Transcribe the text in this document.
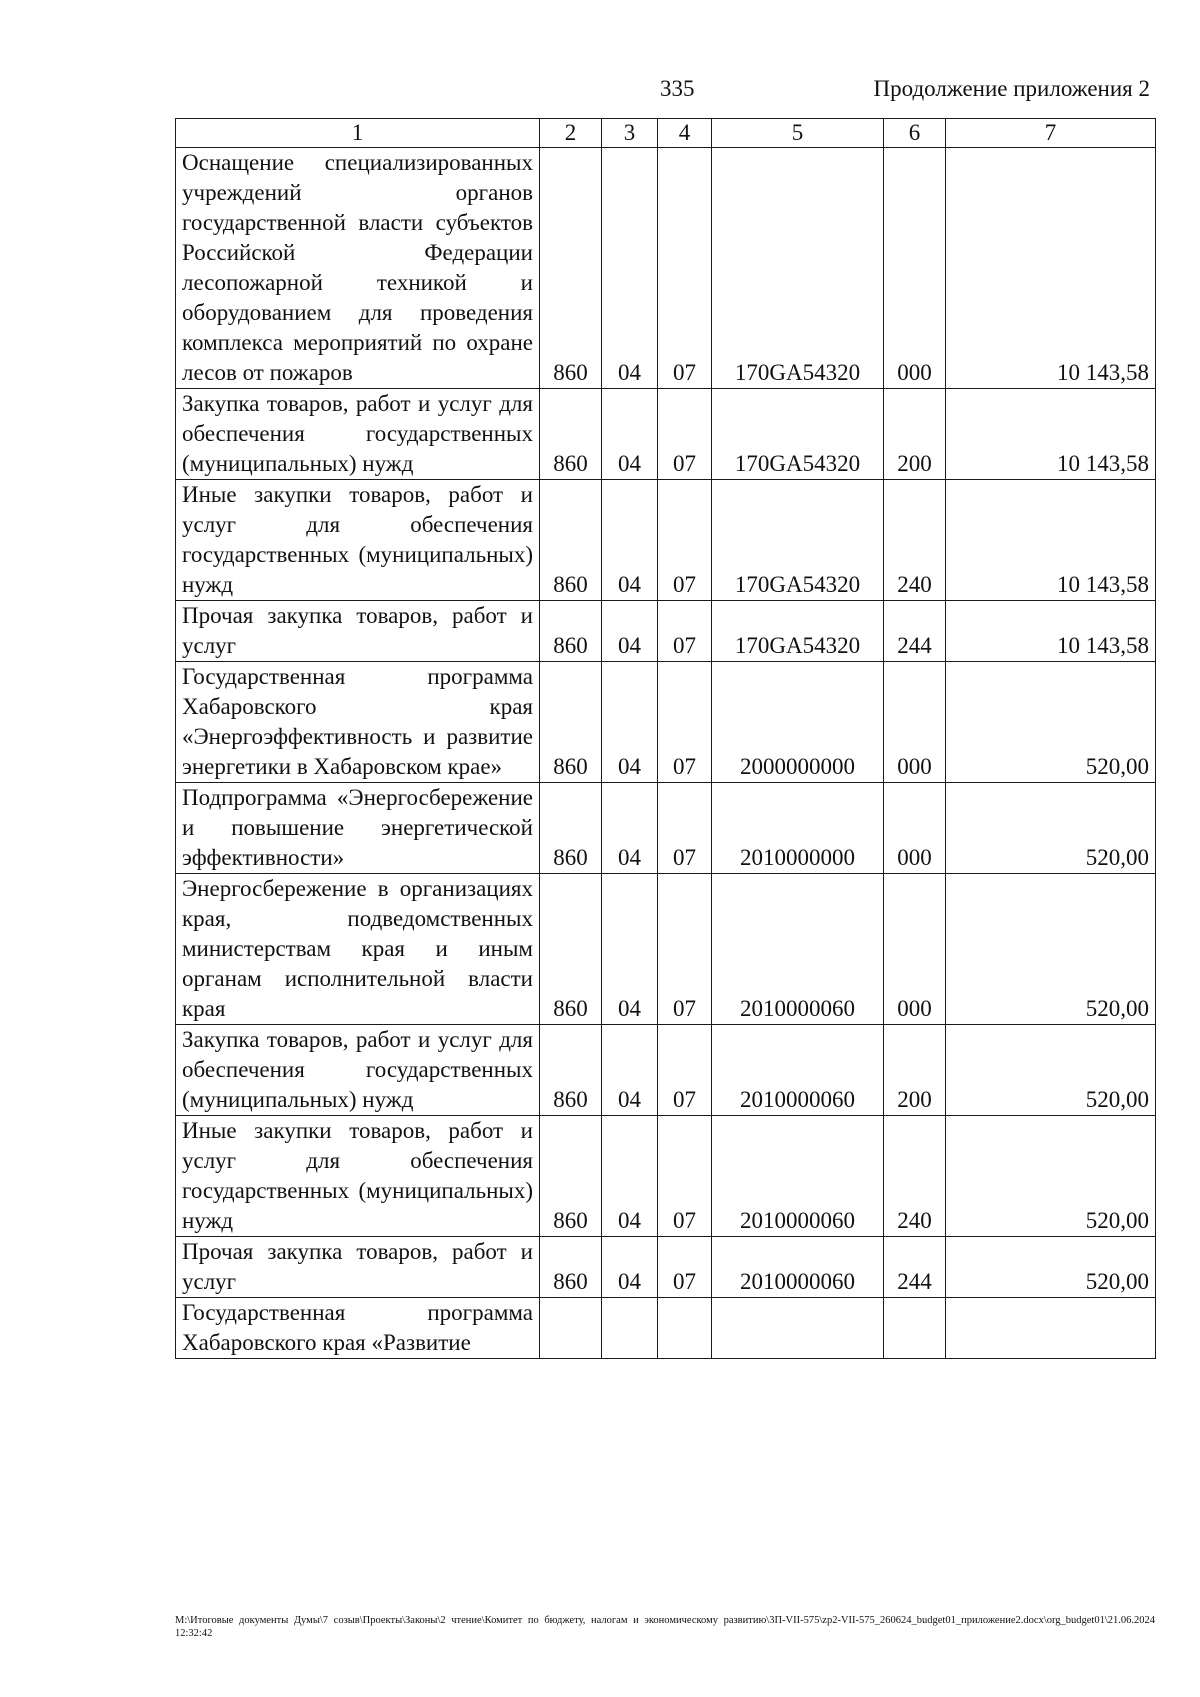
335	Продолжение приложения 2
1	2	3	4	5	6	7
Оснащение специализированных учреждений органов государственной власти субъектов Российской Федерации лесопожарной техникой и оборудованием для проведения комплекса мероприятий по охране лесов от пожаров	860	04	07	170GA54320	000	10 143,58
Закупка товаров, работ и услуг для обеспечения государственных (муниципальных) нужд	860	04	07	170GA54320	200	10 143,58
Иные закупки товаров, работ и услуг для обеспечения государственных (муниципальных) нужд	860	04	07	170GA54320	240	10 143,58
Прочая закупка товаров, работ и услуг	860	04	07	170GA54320	244	10 143,58
Государственная программа Хабаровского края «Энергоэффективность и развитие энергетики в Хабаровском крае»	860	04	07	2000000000	000	520,00
Подпрограмма «Энергосбережение и повышение энергетической эффективности»	860	04	07	2010000000	000	520,00
Энергосбережение в организациях края, подведомственных министерствам края и иным органам исполнительной власти края	860	04	07	2010000060	000	520,00
Закупка товаров, работ и услуг для обеспечения государственных (муниципальных) нужд	860	04	07	2010000060	200	520,00
Иные закупки товаров, работ и услуг для обеспечения государственных (муниципальных) нужд	860	04	07	2010000060	240	520,00
Прочая закупка товаров, работ и услуг	860	04	07	2010000060	244	520,00
Государственная программа Хабаровского края «Развитие						
M:\Итоговые документы Думы\7 созыв\Проекты\Законы\2 чтение\Комитет по бюджету, налогам и экономическому развитию\3П-VII-575\zp2-VII-575_260624_budget01_приложение2.docx\org_budget01\21.06.2024 12:32:42
